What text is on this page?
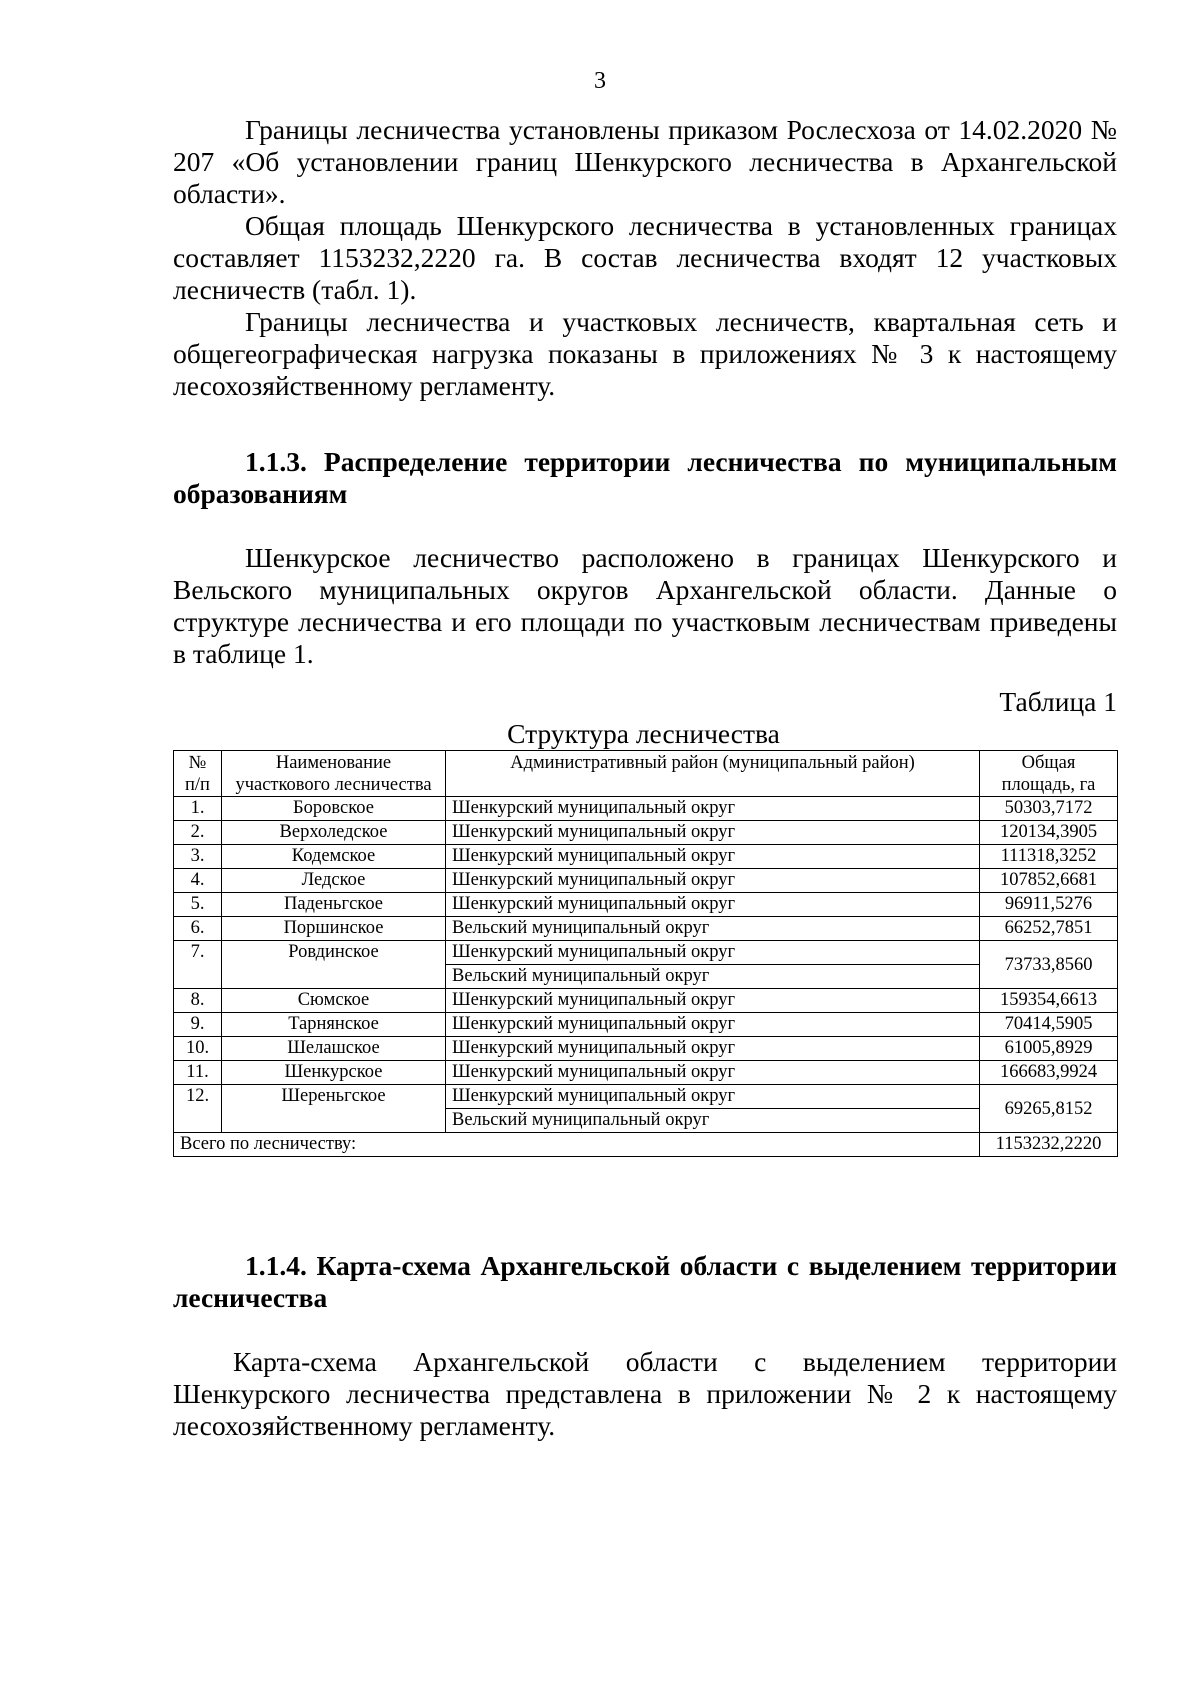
3

Границы лесничества установлены приказом Рослесхоза от 14.02.2020 № 207 «Об установлении границ Шенкурского лесничества в Архангельской области».

Общая площадь Шенкурского лесничества в установленных границах составляет 1153232,2220 га. В состав лесничества входят 12 участковых лесничеств (табл. 1).

Границы лесничества и участковых лесничеств, квартальная сеть и общегеографическая нагрузка показаны в приложениях № 3 к настоящему лесохозяйственному регламенту.

1.1.3. Распределение территории лесничества по муниципальным образованиям

Шенкурское лесничество расположено в границах Шенкурского и Вельского муниципальных округов Архангельской области. Данные о структуре лесничества и его площади по участковым лесничествам приведены в таблице 1.

Таблица 1
Структура лесничества
№ п/п	Наименование участкового лесничества	Административный район (муниципальный район)	Общая площадь, га
1.	Боровское	Шенкурский муниципальный округ	50303,7172
2.	Верхоледское	Шенкурский муниципальный округ	120134,3905
3.	Кодемское	Шенкурский муниципальный округ	111318,3252
4.	Ледское	Шенкурский муниципальный округ	107852,6681
5.	Паденьгское	Шенкурский муниципальный округ	96911,5276
6.	Поршинское	Вельский муниципальный округ	66252,7851
7.	Ровдинское	Шенкурский муниципальный округ	73733,8560
		Вельский муниципальный округ	
8.	Сюмское	Шенкурский муниципальный округ	159354,6613
9.	Тарнянское	Шенкурский муниципальный округ	70414,5905
10.	Шелашское	Шенкурский муниципальный округ	61005,8929
11.	Шенкурское	Шенкурский муниципальный округ	166683,9924
12.	Шереньгское	Шенкурский муниципальный округ	69265,8152
		Вельский муниципальный округ	
Всего по лесничеству:			1153232,2220

1.1.4. Карта-схема Архангельской области с выделением территории лесничества

Карта-схема Архангельской области с выделением территории Шенкурского лесничества представлена в приложении № 2 к настоящему лесохозяйственному регламенту.
